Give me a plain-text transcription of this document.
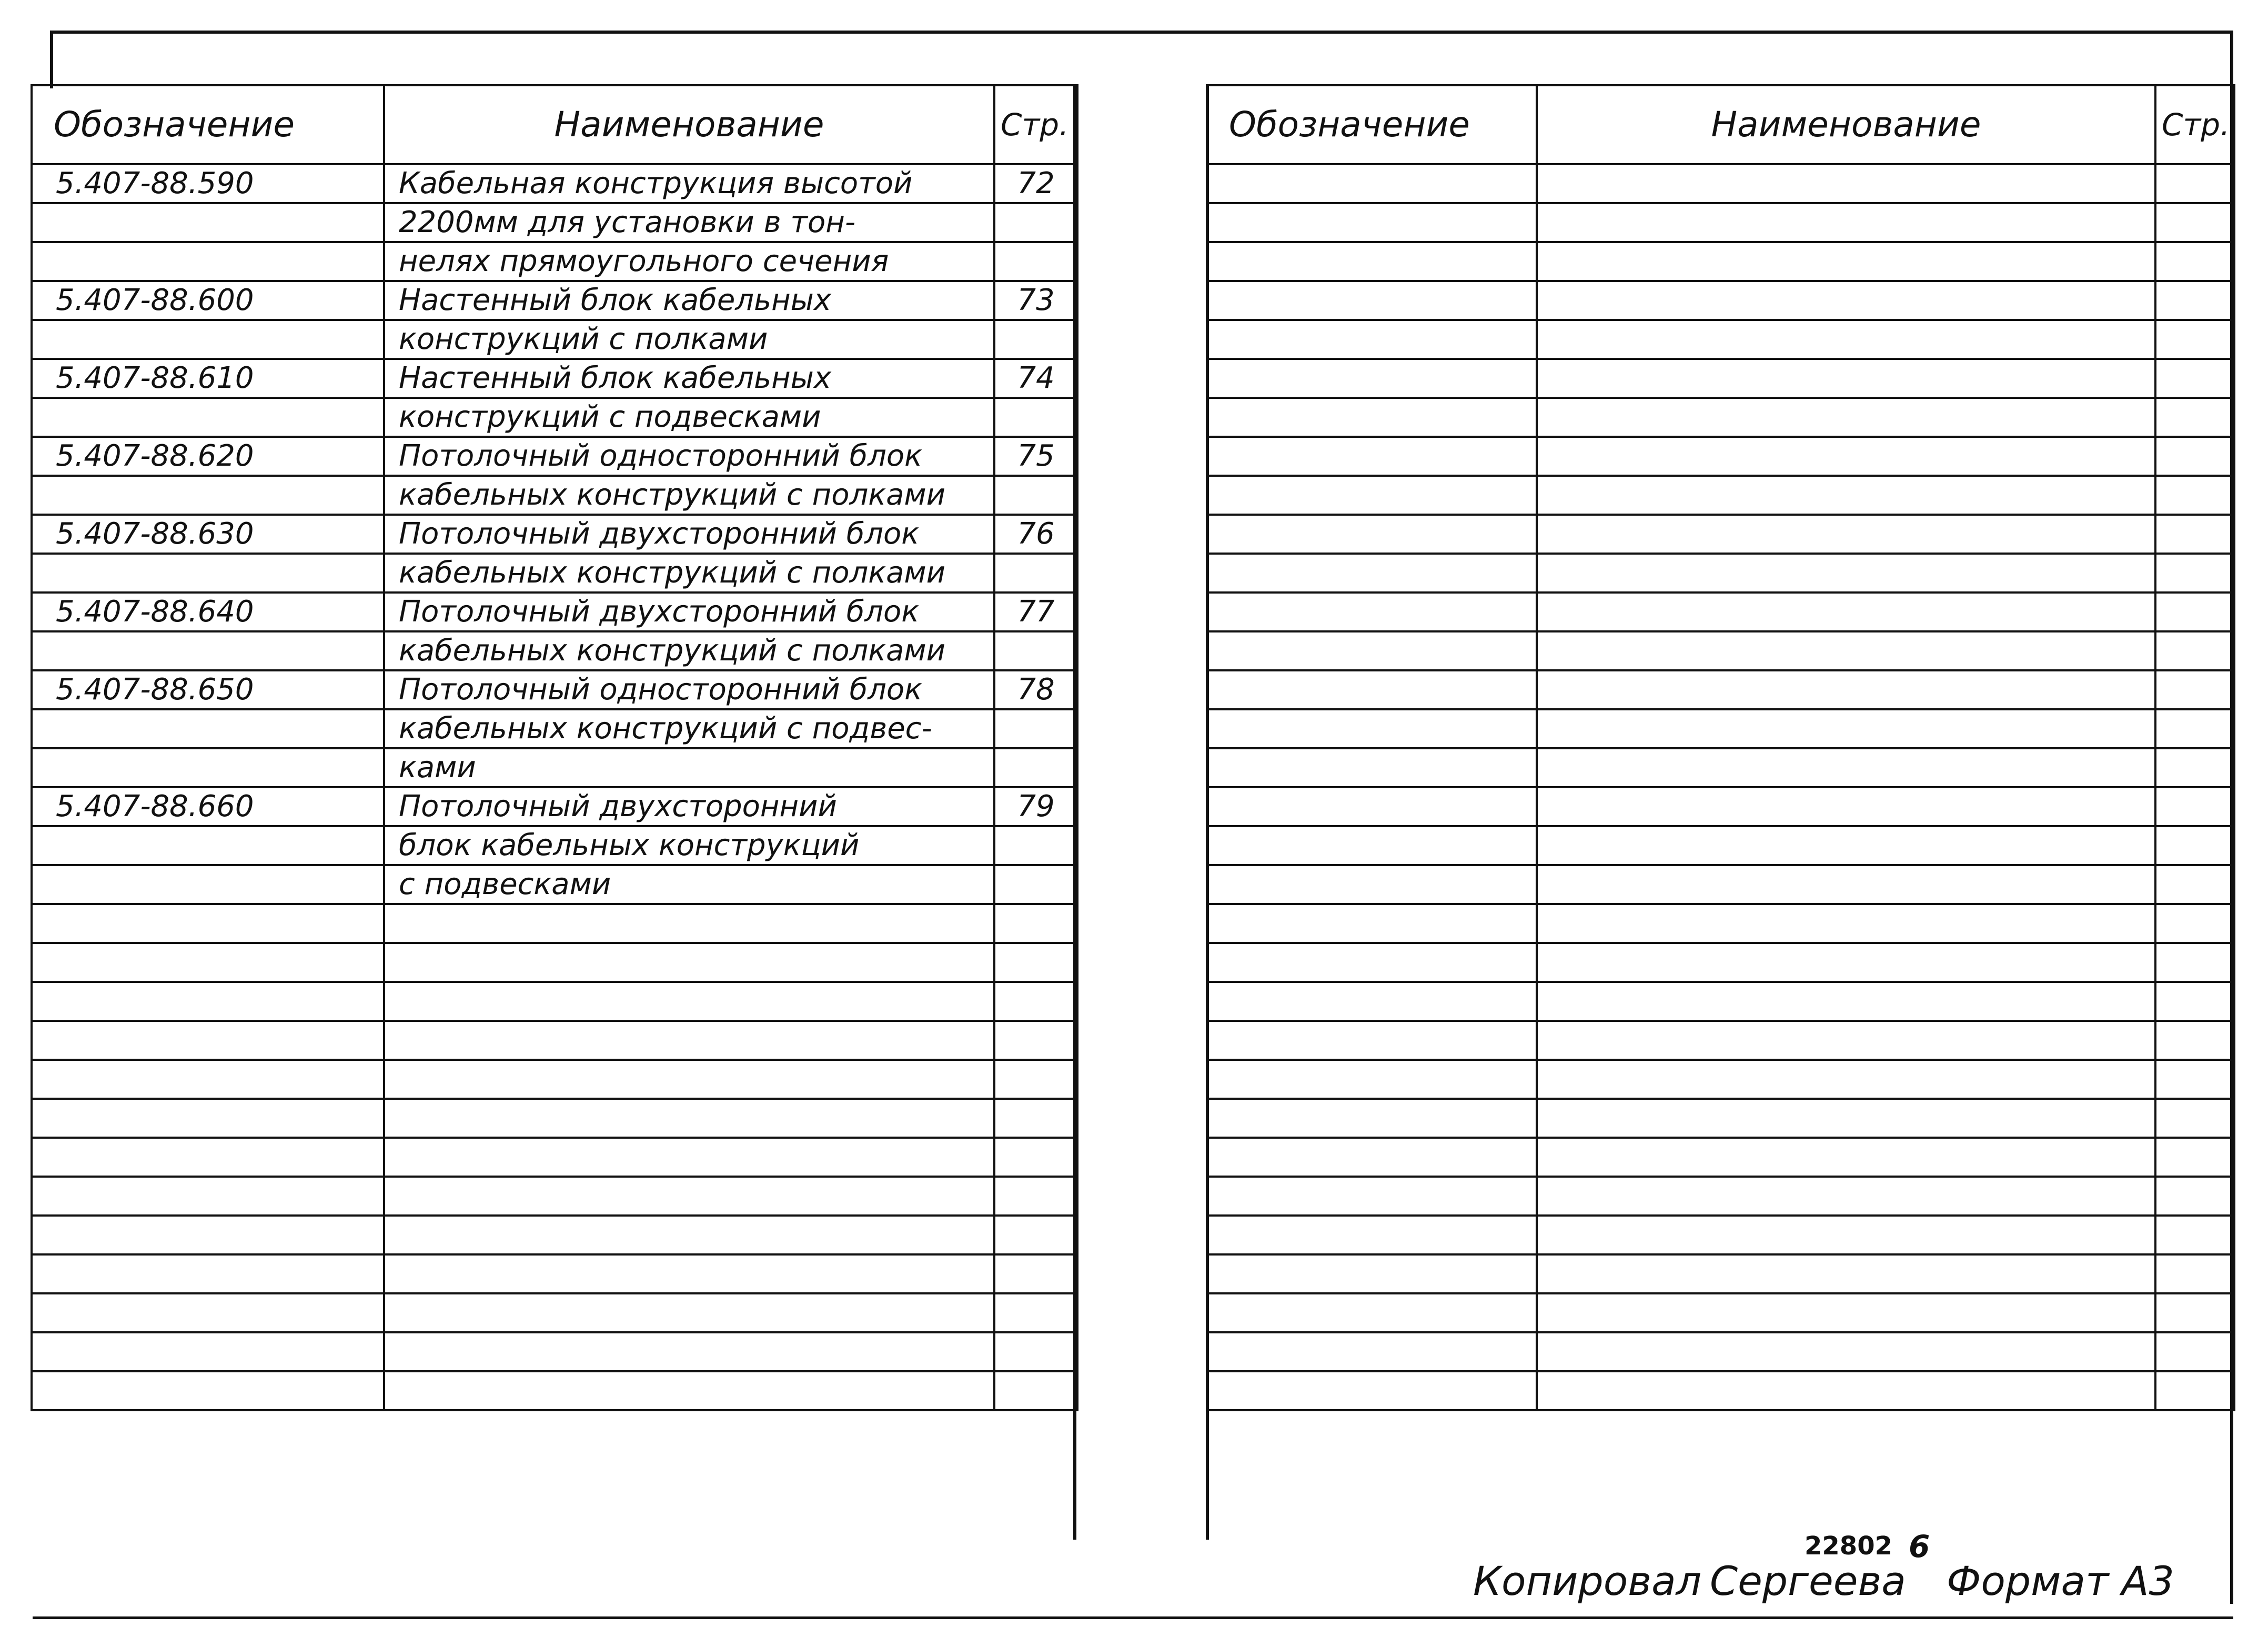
Обозначение	Наименование	Стр.
5.407-88.590	Кабельная конструкция высотой	72
	2200мм для установки в тон-	
	нелях прямоугольного сечения	
5.407-88.600	Настенный блок кабельных	73
	конструкций с полками	
5.407-88.610	Настенный блок кабельных	74
	конструкций с подвесками	
5.407-88.620	Потолочный односторонний блок	75
	кабельных конструкций с полками	
5.407-88.630	Потолочный двухсторонний блок	76
	кабельных конструкций с полками	
5.407-88.640	Потолочный двухсторонний блок	77
	кабельных конструкций с полками	
5.407-88.650	Потолочный односторонний блок	78
	кабельных конструкций с подвес-	
	ками	
5.407-88.660	Потолочный двухсторонний	79
	блок кабельных конструкций	
	с подвесками	

Обозначение	Наименование	Стр.

22802 6
Копировал Сергеева Формат А3
